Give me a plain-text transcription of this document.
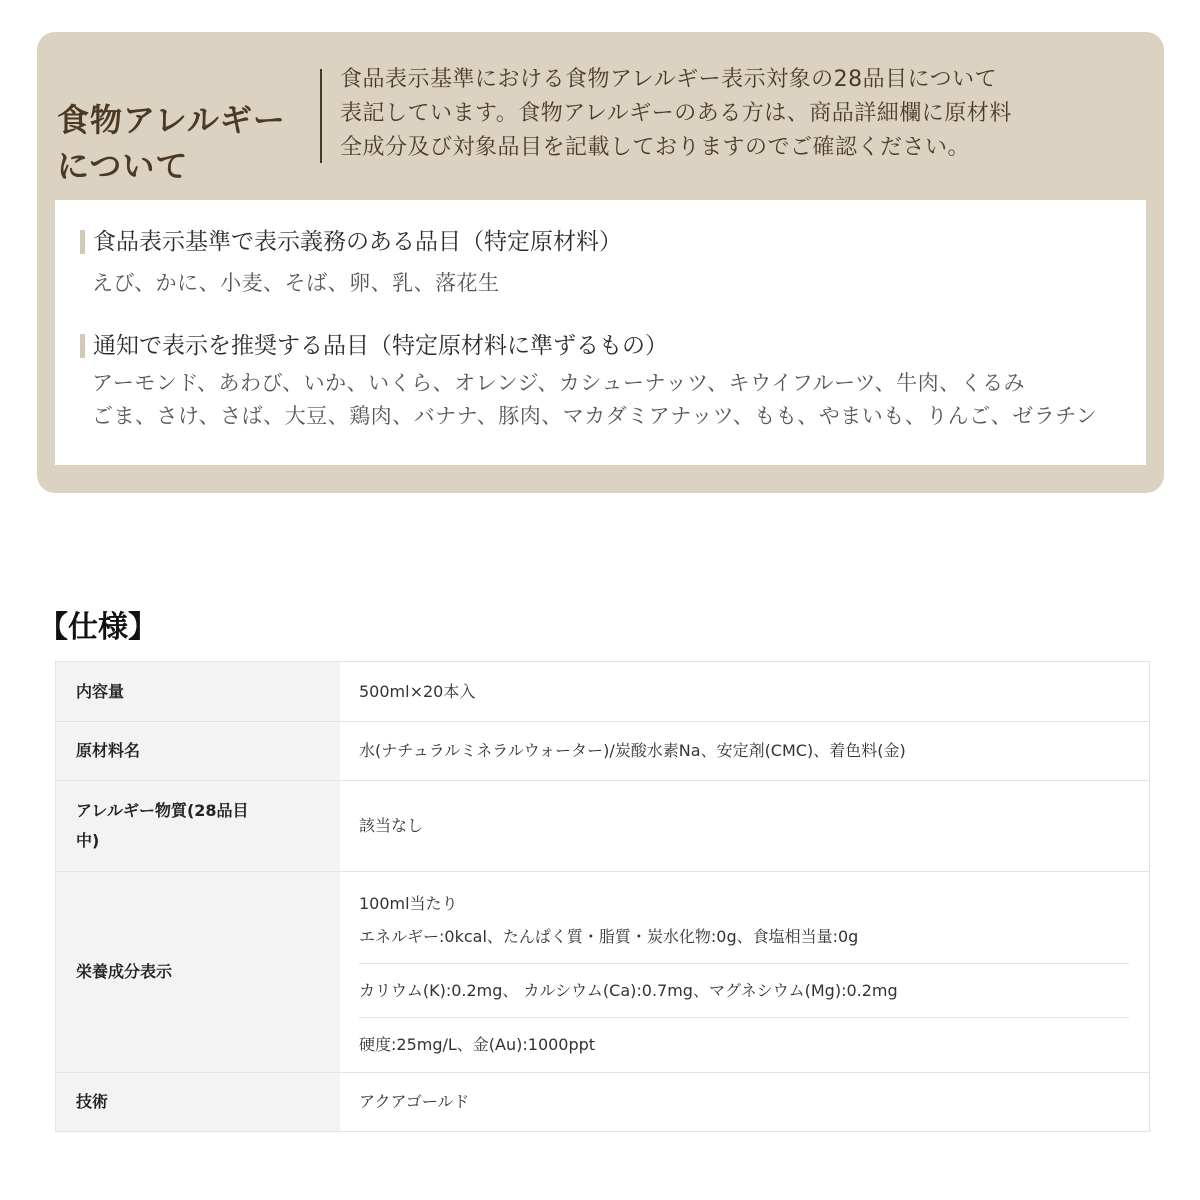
食物アレルギー
について

食品表示基準における食物アレルギー表示対象の28品目について
表記しています。食物アレルギーのある方は、商品詳細欄に原材料
全成分及び対象品目を記載しておりますのでご確認ください。

食品表示基準で表示義務のある品目（特定原材料）
えび、かに、小麦、そば、卵、乳、落花生
通知で表示を推奨する品目（特定原材料に準ずるもの）
アーモンド、あわび、いか、いくら、オレンジ、カシューナッツ、キウイフルーツ、牛肉、くるみ
ごま、さけ、さば、大豆、鶏肉、バナナ、豚肉、マカダミアナッツ、もも、やまいも、りんご、ゼラチン
【仕様】
内容量	500ml×20本入
原材料名	水(ナチュラルミネラルウォーター)/炭酸水素Na、安定剤(CMC)、着色料(金)

アレルギー物質(28品目
中)	該当なし
栄養成分表示	100ml当たり
エネルギー:0kcal、たんぱく質・脂質・炭水化物:0g、食塩相当量:0g
カリウム(K):0.2mg、 カルシウム(Ca):0.7mg、マグネシウム(Mg):0.2mg
硬度:25mg/L、金(Au):1000ppt

技術	アクアゴールド
